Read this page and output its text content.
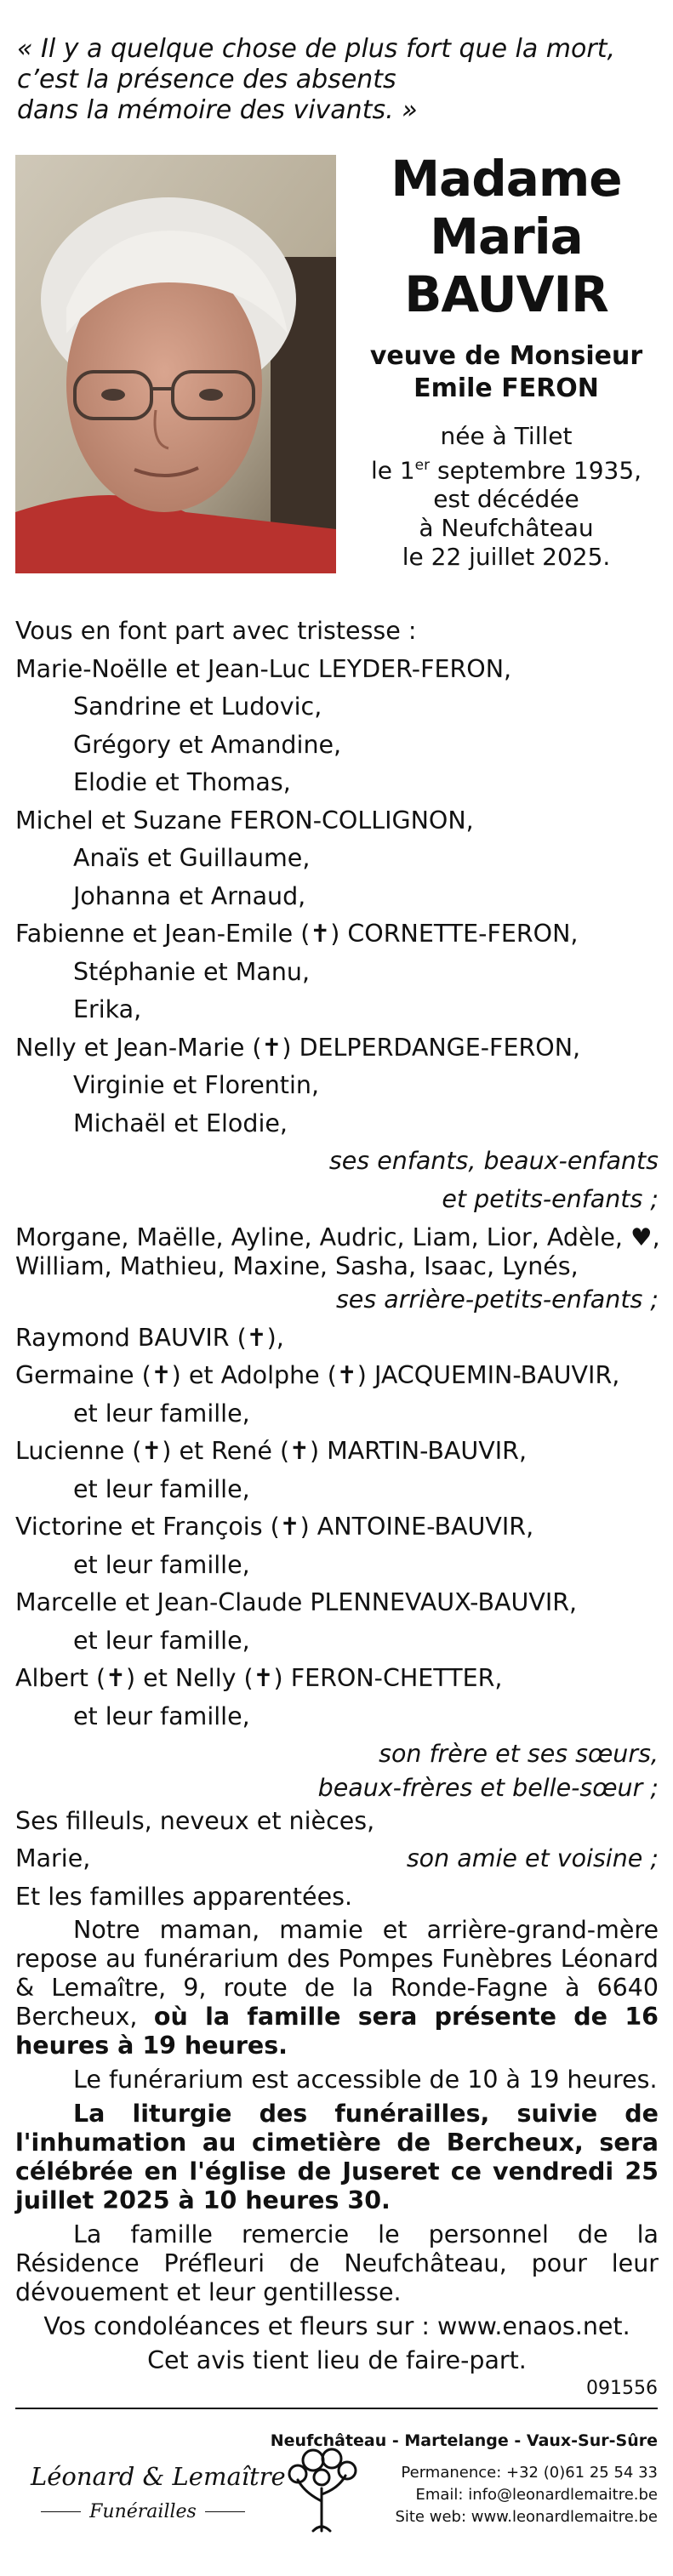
« Il y a quelque chose de plus fort que la mort,
c’est la présence des absents
dans la mémoire des vivants. »
Madame
Maria
BAUVIR
veuve de Monsieur
Emile FERON
née à Tillet
le 1er septembre 1935,
est décédée
à Neufchâteau
le 22 juillet 2025.
Vous en font part avec tristesse :
Marie-Noëlle et Jean-Luc LEYDER-FERON,
Sandrine et Ludovic,
Grégory et Amandine,
Elodie et Thomas,
Michel et Suzane FERON-COLLIGNON,
Anaïs et Guillaume,
Johanna et Arnaud,
Fabienne et Jean-Emile (✝) CORNETTE-FERON,
Stéphanie et Manu,
Erika,
Nelly et Jean-Marie (✝) DELPERDANGE-FERON,
Virginie et Florentin,
Michaël et Elodie,
ses enfants, beaux-enfants
et petits-enfants ;
Morgane, Maëlle, Ayline, Audric, Liam, Lior, Adèle, ♥,
William, Mathieu, Maxine, Sasha, Isaac, Lynés,
ses arrière-petits-enfants ;
Raymond BAUVIR (✝),
Germaine (✝) et Adolphe (✝) JACQUEMIN-BAUVIR,
et leur famille,
Lucienne (✝) et René (✝) MARTIN-BAUVIR,
et leur famille,
Victorine et François (✝) ANTOINE-BAUVIR,
et leur famille,
Marcelle et Jean-Claude PLENNEVAUX-BAUVIR,
et leur famille,
Albert (✝) et Nelly (✝) FERON-CHETTER,
et leur famille,
son frère et ses sœurs,
beaux-frères et belle-sœur ;
Ses filleuls, neveux et nièces,
Marie,	son amie et voisine ;
Et les familles apparentées.
Notre maman, mamie et arrière-grand-mère repose au funérarium des Pompes Funèbres Léonard & Lemaître, 9, route de la Ronde-Fagne à 6640 Bercheux, où la famille sera présente de 16 heures à 19 heures.
Le funérarium est accessible de 10 à 19 heures.
La liturgie des funérailles, suivie de l'inhumation au cimetière de Bercheux, sera célébrée en l'église de Juseret ce vendredi 25 juillet 2025 à 10 heures 30.
La famille remercie le personnel de la Résidence Préfleuri de Neufchâteau, pour leur dévouement et leur gentillesse.
Vos condoléances et fleurs sur : www.enaos.net.
Cet avis tient lieu de faire-part.
091556
Léonard & Lemaître
Funérailles
Neufchâteau - Martelange - Vaux-Sur-Sûre
Permanence: +32 (0)61 25 54 33
Email: info@leonardlemaitre.be
Site web: www.leonardlemaitre.be
